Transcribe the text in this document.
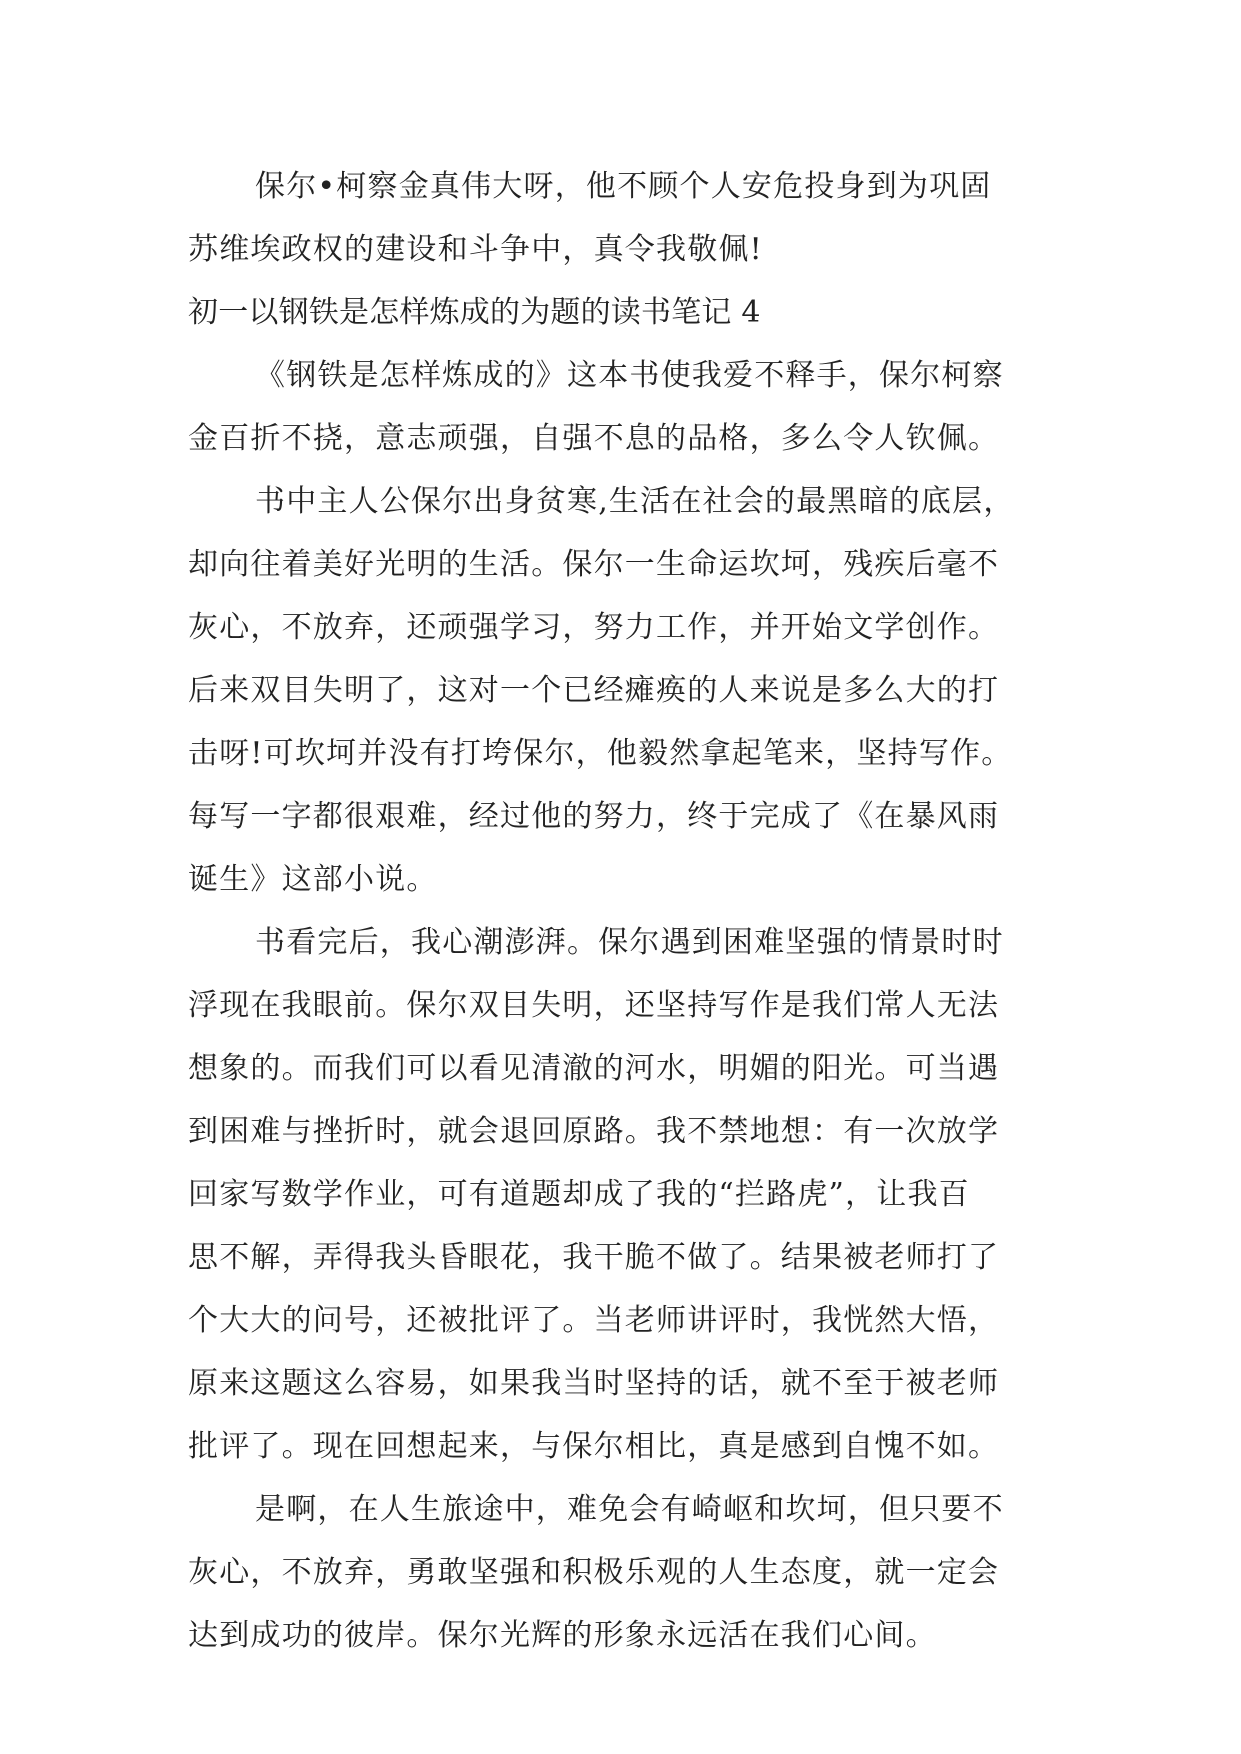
保尔•柯察金真伟大呀，他不顾个人安危投身到为巩固
苏维埃政权的建设和斗争中，真令我敬佩!
初一以钢铁是怎样炼成的为题的读书笔记 4
《钢铁是怎样炼成的》这本书使我爱不释手，保尔柯察
金百折不挠，意志顽强，自强不息的品格，多么令人钦佩。
书中主人公保尔出身贫寒,生活在社会的最黑暗的底层，
却向往着美好光明的生活。保尔一生命运坎坷，残疾后毫不
灰心，不放弃，还顽强学习，努力工作，并开始文学创作。
后来双目失明了，这对一个已经瘫痪的人来说是多么大的打
击呀!可坎坷并没有打垮保尔，他毅然拿起笔来，坚持写作。
每写一字都很艰难，经过他的努力，终于完成了《在暴风雨
诞生》这部小说。
书看完后，我心潮澎湃。保尔遇到困难坚强的情景时时
浮现在我眼前。保尔双目失明，还坚持写作是我们常人无法
想象的。而我们可以看见清澈的河水，明媚的阳光。可当遇
到困难与挫折时，就会退回原路。我不禁地想：有一次放学
回家写数学作业，可有道题却成了我的“拦路虎”，让我百
思不解，弄得我头昏眼花，我干脆不做了。结果被老师打了
个大大的问号，还被批评了。当老师讲评时，我恍然大悟，
原来这题这么容易，如果我当时坚持的话，就不至于被老师
批评了。现在回想起来，与保尔相比，真是感到自愧不如。
是啊，在人生旅途中，难免会有崎岖和坎坷，但只要不
灰心，不放弃，勇敢坚强和积极乐观的人生态度，就一定会
达到成功的彼岸。保尔光辉的形象永远活在我们心间。
